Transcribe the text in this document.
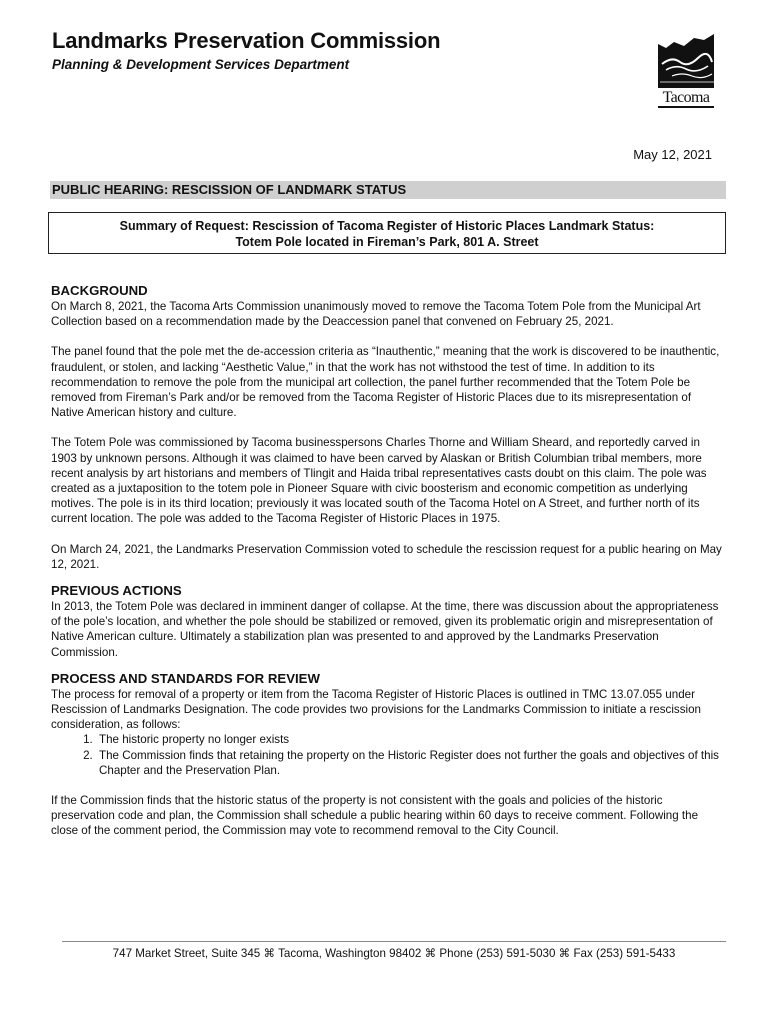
Landmarks Preservation Commission
Planning & Development Services Department
Tacoma
May 12, 2021
PUBLIC HEARING: RESCISSION OF LANDMARK STATUS
Summary of Request: Rescission of Tacoma Register of Historic Places Landmark Status:
Totem Pole located in Fireman’s Park, 801 A. Street
BACKGROUND

On March 8, 2021, the Tacoma Arts Commission unanimously moved to remove the Tacoma Totem Pole from the Municipal Art Collection based on a recommendation made by the Deaccession panel that convened on February 25, 2021.

The panel found that the pole met the de-accession criteria as “Inauthentic,” meaning that the work is discovered to be inauthentic, fraudulent, or stolen, and lacking “Aesthetic Value,” in that the work has not withstood the test of time. In addition to its recommendation to remove the pole from the municipal art collection, the panel further recommended that the Totem Pole be removed from Fireman’s Park and/or be removed from the Tacoma Register of Historic Places due to its misrepresentation of Native American history and culture.

The Totem Pole was commissioned by Tacoma businesspersons Charles Thorne and William Sheard, and reportedly carved in 1903 by unknown persons. Although it was claimed to have been carved by Alaskan or British Columbian tribal members, more recent analysis by art historians and members of Tlingit and Haida tribal representatives casts doubt on this claim. The pole was created as a juxtaposition to the totem pole in Pioneer Square with civic boosterism and economic competition as underlying motives. The pole is in its third location; previously it was located south of the Tacoma Hotel on A Street, and further north of its current location. The pole was added to the Tacoma Register of Historic Places in 1975.

On March 24, 2021, the Landmarks Preservation Commission voted to schedule the rescission request for a public hearing on May 12, 2021.

PREVIOUS ACTIONS

In 2013, the Totem Pole was declared in imminent danger of collapse. At the time, there was discussion about the appropriateness of the pole’s location, and whether the pole should be stabilized or removed, given its problematic origin and misrepresentation of Native American culture. Ultimately a stabilization plan was presented to and approved by the Landmarks Preservation Commission.

PROCESS AND STANDARDS FOR REVIEW

The process for removal of a property or item from the Tacoma Register of Historic Places is outlined in TMC 13.07.055 under Rescission of Landmarks Designation. The code provides two provisions for the Landmarks Commission to initiate a rescission consideration, as follows:

1. The historic property no longer exists
2. The Commission finds that retaining the property on the Historic Register does not further the goals and objectives of this Chapter and the Preservation Plan.

If the Commission finds that the historic status of the property is not consistent with the goals and policies of the historic preservation code and plan, the Commission shall schedule a public hearing within 60 days to receive comment. Following the close of the comment period, the Commission may vote to recommend removal to the City Council.

747 Market Street, Suite 345 ⌘ Tacoma, Washington 98402 ⌘ Phone (253) 591-5030 ⌘ Fax (253) 591-5433
